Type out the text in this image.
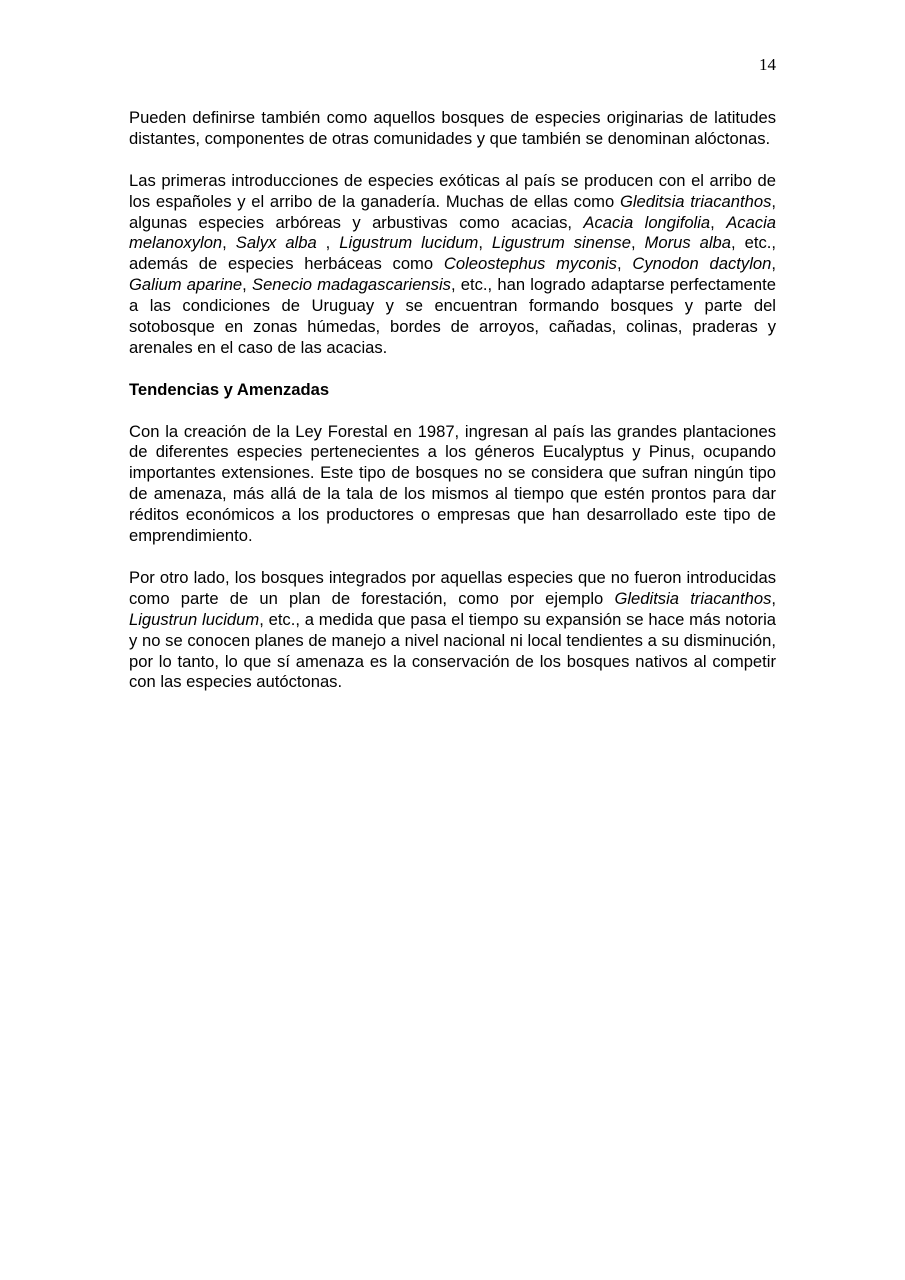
14

Pueden definirse también como aquellos bosques de especies originarias de latitudes distantes, componentes de otras comunidades y que también se denominan alóctonas.

Las primeras introducciones de especies exóticas al país se producen con el arribo de los españoles y el arribo de la ganadería. Muchas de ellas como Gleditsia triacanthos, algunas especies arbóreas y arbustivas como acacias, Acacia longifolia, Acacia melanoxylon, Salyx alba , Ligustrum lucidum, Ligustrum sinense, Morus alba, etc., además de especies herbáceas como Coleostephus myconis, Cynodon dactylon, Galium aparine, Senecio madagascariensis, etc., han logrado adaptarse perfectamente a las condiciones de Uruguay y se encuentran formando bosques y parte del sotobosque en zonas húmedas, bordes de arroyos, cañadas, colinas, praderas y arenales en el caso de las acacias.

Tendencias y Amenzadas

Con la creación de la Ley Forestal en 1987, ingresan al país las grandes plantaciones de diferentes especies pertenecientes a los géneros Eucalyptus y Pinus, ocupando importantes extensiones. Este tipo de bosques no se considera que sufran ningún tipo de amenaza, más allá de la tala de los mismos al tiempo que estén prontos para dar réditos económicos a los productores o empresas que han desarrollado este tipo de emprendimiento.

Por otro lado, los bosques integrados por aquellas especies que no fueron introducidas como parte de un plan de forestación, como por ejemplo Gleditsia triacanthos, Ligustrun lucidum, etc., a medida que pasa el tiempo su expansión se hace más notoria y no se conocen planes de manejo a nivel nacional ni local tendientes a su disminución, por lo tanto, lo que sí amenaza es la conservación de los bosques nativos al competir con las especies autóctonas.
